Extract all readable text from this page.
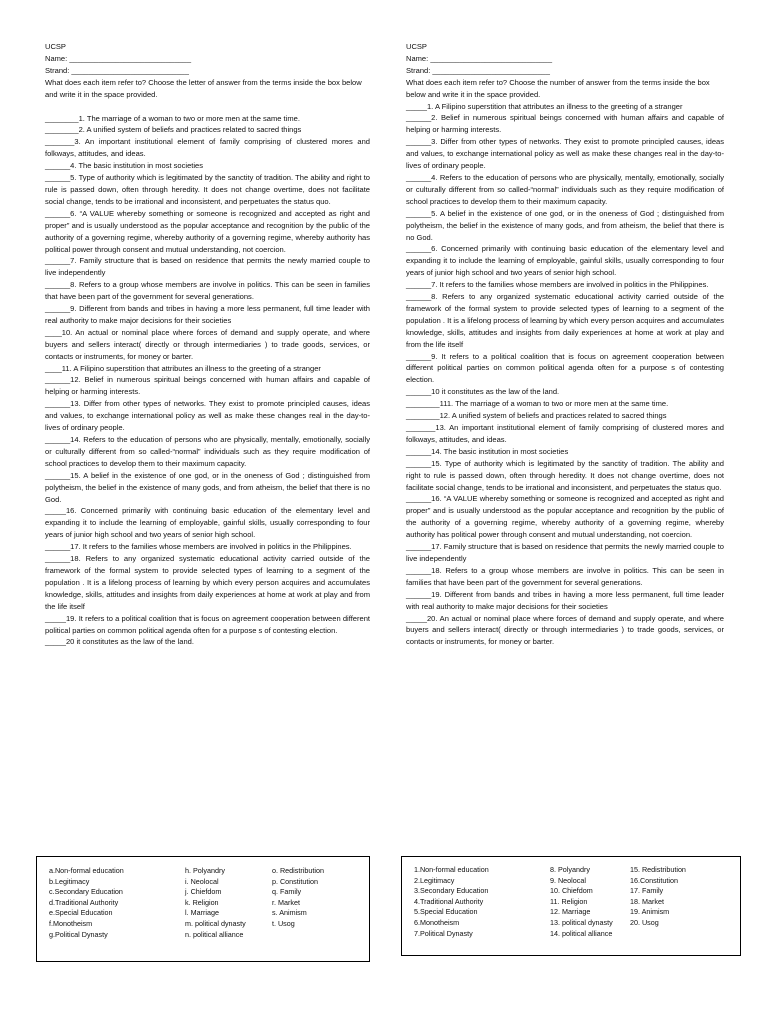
UCSP
Name: _____________________________
Strand: ____________________________
What does each item refer to? Choose the letter of answer from the terms inside the box below and write it in the space provided.
________1. The marriage of a woman to two or more men at the same time.
________2. A unified system of beliefs and practices related to sacred things
_______3. An important institutional element of family comprising of clustered mores and folkways, attitudes, and ideas.
______4. The basic institution in most societies
______5. Type of authority which is legitimated by the sanctity of tradition. The ability and right to rule is passed down, often through heredity. It does not change overtime, does not facilitate social change, tends to be irrational and inconsistent, and perpetuates the status quo.
______6. “A VALUE whereby something or someone is recognized and accepted as right and proper” and is usually understood as the popular acceptance and recognition by the public of the authority of a governing regime, whereby authority of a governing regime, whereby authority has political power through consent and mutual understanding, not coercion.
______7. Family structure that is based on residence that permits the newly married couple to live independently
______8. Refers to a group whose members are involve in politics. This can be seen in families that have been part of the government for several generations.
______9. Different from bands and tribes in having a more less permanent, full time leader with real authority to make major decisions for their societies
____10. An actual or nominal place where forces of demand and supply operate, and where buyers and sellers interact( directly or through intermediaries ) to trade goods, services, or contacts or instruments, for money or barter.
____11. A Filipino superstition that attributes an illness to the greeting of a stranger
______12. Belief in numerous spiritual beings concerned with human affairs and capable of helping or harming interests.
______13. Differ from other types of networks. They exist to promote principled causes, ideas and values, to exchange international policy as well as make these changes real in the day-to-lives of ordinary people.
______14. Refers to the education of persons who are physically, mentally, emotionally, socially or culturally different from so called-“normal” individuals such as they require modification of school practices to develop them to their maximum capacity.
______15. A belief in the existence of one god, or in the oneness of God ; distinguished from polytheism, the belief in the existence of many gods, and from atheism, the belief that there is no God.
_____16. Concerned primarily with continuing basic education of the elementary level and expanding it to include the learning of employable, gainful skills, usually corresponding to four years of junior high school and two years of senior high school.
______17. It refers to the families whose members are involved in politics in the Philippines.
______18. Refers to any organized systematic educational activity carried outside of the framework of the formal system to provide selected types of learning to a segment of the population . It is a lifelong process of learning by which every person acquires and accumulates knowledge, skills, attitudes and insights from daily experiences at home at work at play and from the life itself
_____19. It refers to a political coalition that is focus on agreement cooperation between different political parties on common political agenda often for a purpose s of contesting election.
_____20 it constitutes as the law of the land.
UCSP
Name: _____________________________
Strand: ____________________________
What does each item refer to? Choose the number of answer from the terms inside the box below and write it in the space provided.
_____1. A Filipino superstition that attributes an illness to the greeting of a stranger
______2. Belief in numerous spiritual beings concerned with human affairs and capable of helping or harming interests.
______3. Differ from other types of networks. They exist to promote principled causes, ideas and values, to exchange international policy as well as make these changes real in the day-to-lives of ordinary people.
______4. Refers to the education of persons who are physically, mentally, emotionally, socially or culturally different from so called-“normal” individuals such as they require modification of school practices to develop them to their maximum capacity.
______5. A belief in the existence of one god, or in the oneness of God ; distinguished from polytheism, the belief in the existence of many gods, and from atheism, the belief that there is no God.
______6. Concerned primarily with continuing basic education of the elementary level and expanding it to include the learning of employable, gainful skills, usually corresponding to four years of junior high school and two years of senior high school.
______7. It refers to the families whose members are involved in politics in the Philippines.
______8. Refers to any organized systematic educational activity carried outside of the framework of the formal system to provide selected types of learning to a segment of the population . It is a lifelong process of learning by which every person acquires and accumulates knowledge, skills, attitudes and insights from daily experiences at home at work at play and from the life itself
______9. It refers to a political coalition that is focus on agreement cooperation between different political parties on common political agenda often for a purpose s of contesting election.
______10 it constitutes as the law of the land.
________111. The marriage of a woman to two or more men at the same time.
________12. A unified system of beliefs and practices related to sacred things
_______13. An important institutional element of family comprising of clustered mores and folkways, attitudes, and ideas.
______14. The basic institution in most societies
______15. Type of authority which is legitimated by the sanctity of tradition. The ability and right to rule is passed down, often through heredity. It does not change overtime, does not facilitate social change, tends to be irrational and inconsistent, and perpetuates the status quo.
______16. “A VALUE whereby something or someone is recognized and accepted as right and proper” and is usually understood as the popular acceptance and recognition by the public of the authority of a governing regime, whereby authority of a governing regime, whereby authority has political power through consent and mutual understanding, not coercion.
______17. Family structure that is based on residence that permits the newly married couple to live independently
______18. Refers to a group whose members are involve in politics. This can be seen in families that have been part of the government for several generations.
______19. Different from bands and tribes in having a more less permanent, full time leader with real authority to make major decisions for their societies
_____20. An actual or nominal place where forces of demand and supply operate, and where buyers and sellers interact( directly or through intermediaries ) to trade goods, services, or contacts or instruments, for money or barter.
a.Non-formal education	h. Polyandry	o. Redistribution
b.Legitimacy	i. Neolocal	p. Constitution
c.Secondary Education	j. Chiefdom	q. Family
d.Traditional Authority	k. Religion	r. Market
e.Special Education	l. Marriage	s. Animism
f.Monotheism	m. political dynasty	t. Usog
g.Political Dynasty	n. political alliance
1.Non-formal education	8. Polyandry	15. Redistribution
2.Legitimacy	9. Neolocal	16.Constitution
3.Secondary Education	10. Chiefdom	17. Family
4.Traditional Authority	11. Religion	18. Market
5.Special Education	12. Marriage	19. Animism
6.Monotheism	13. political dynasty	20. Usog
7.Political Dynasty	14. political alliance
